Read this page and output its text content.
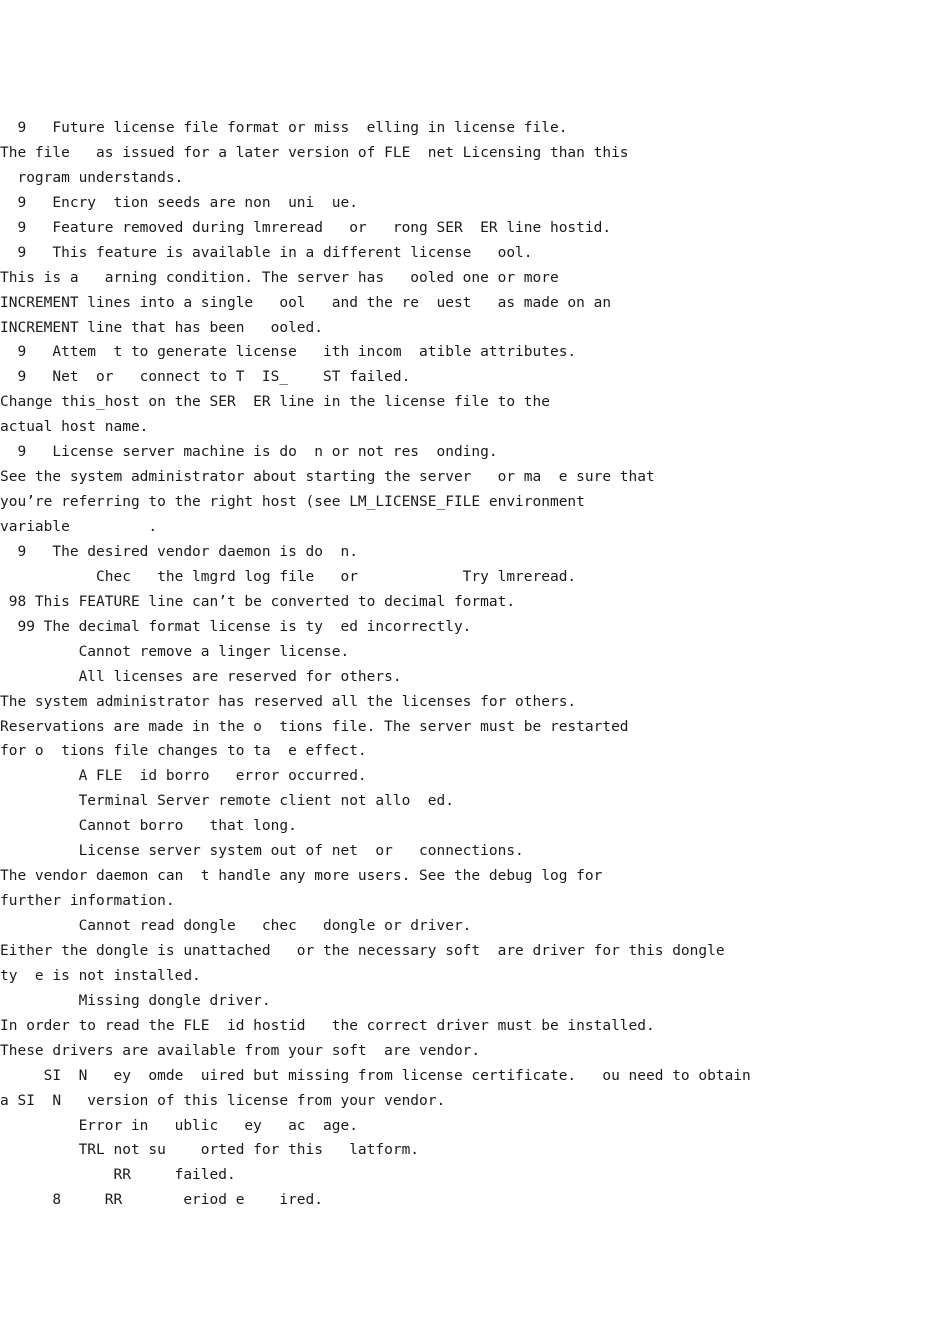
9   Future license file format or miss  elling in license file.
The file   as issued for a later version of FLE  net Licensing than this
rogram understands.
9   Encry  tion seeds are non  uni  ue.
9   Feature removed during lmreread   or   rong SER  ER line hostid.
9   This feature is available in a different license   ool.
This is a   arning condition. The server has   ooled one or more
INCREMENT lines into a single   ool   and the re  uest   as made on an
INCREMENT line that has been   ooled.
9   Attem  t to generate license   ith incom  atible attributes.
9   Net  or   connect to T  IS_    ST failed.
Change this_host on the SER  ER line in the license file to the
actual host name.
9   License server machine is do  n or not res  onding.
See the system administrator about starting the server   or ma  e sure that
you’re referring to the right host (see LM_LICENSE_FILE environment
variable         .
9   The desired vendor daemon is do  n.
Chec   the lmgrd log file   or            Try lmreread.
98 This FEATURE line can’t be converted to decimal format.
99 The decimal format license is ty  ed incorrectly.
Cannot remove a linger license.
All licenses are reserved for others.
The system administrator has reserved all the licenses for others.
Reservations are made in the o  tions file. The server must be restarted
for o  tions file changes to ta  e effect.
A FLE  id borro   error occurred.
Terminal Server remote client not allo  ed.
Cannot borro   that long.
License server system out of net  or   connections.
The vendor daemon can  t handle any more users. See the debug log for
further information.
Cannot read dongle   chec   dongle or driver.
Either the dongle is unattached   or the necessary soft  are driver for this dongle
ty  e is not installed.
Missing dongle driver.
In order to read the FLE  id hostid   the correct driver must be installed.
These drivers are available from your soft  are vendor.
SI  N   ey  omde  uired but missing from license certificate.   ou need to obtain
a SI  N   version of this license from your vendor.
Error in   ublic   ey   ac  age.
TRL not su    orted for this   latform.
RR     failed.
8     RR       eriod e    ired.
